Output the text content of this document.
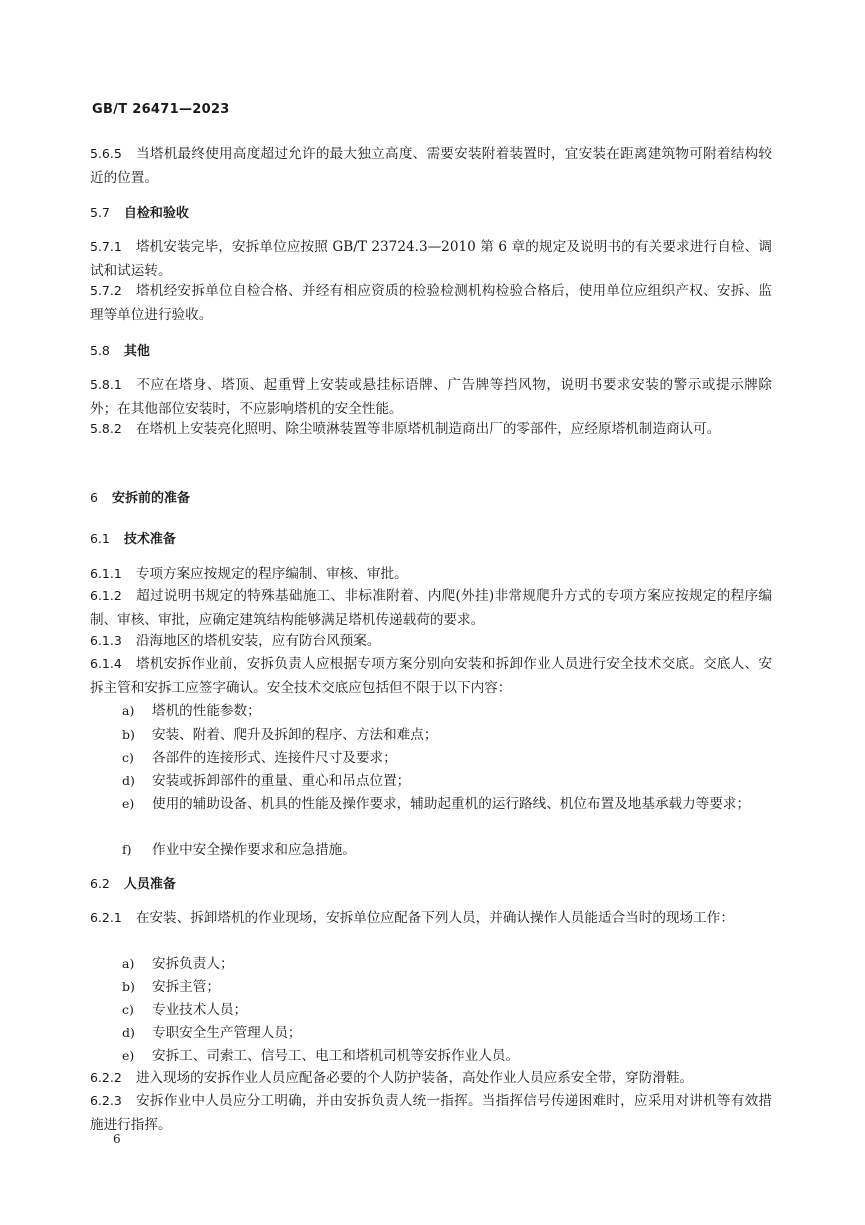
GB/T 26471—2023
5.6.5 当塔机最终使用高度超过允许的最大独立高度、需要安装附着装置时，宜安装在距离建筑物可附着结构较近的位置。
5.7 自检和验收
5.7.1 塔机安装完毕，安拆单位应按照 GB/T 23724.3—2010 第 6 章的规定及说明书的有关要求进行自检、调试和试运转。
5.7.2 塔机经安拆单位自检合格、并经有相应资质的检验检测机构检验合格后，使用单位应组织产权、安拆、监理等单位进行验收。
5.8 其他
5.8.1 不应在塔身、塔顶、起重臂上安装或悬挂标语牌、广告牌等挡风物，说明书要求安装的警示或提示牌除外；在其他部位安装时，不应影响塔机的安全性能。
5.8.2 在塔机上安装亮化照明、除尘喷淋装置等非原塔机制造商出厂的零部件，应经原塔机制造商认可。
6 安拆前的准备
6.1 技术准备
6.1.1 专项方案应按规定的程序编制、审核、审批。
6.1.2 超过说明书规定的特殊基础施工、非标准附着、内爬(外挂)非常规爬升方式的专项方案应按规定的程序编制、审核、审批，应确定建筑结构能够满足塔机传递载荷的要求。
6.1.3 沿海地区的塔机安装，应有防台风预案。
6.1.4 塔机安拆作业前，安拆负责人应根据专项方案分别向安装和拆卸作业人员进行安全技术交底。交底人、安拆主管和安拆工应签字确认。安全技术交底应包括但不限于以下内容：
a) 塔机的性能参数；
b) 安装、附着、爬升及拆卸的程序、方法和难点；
c) 各部件的连接形式、连接件尺寸及要求；
d) 安装或拆卸部件的重量、重心和吊点位置；
e) 使用的辅助设备、机具的性能及操作要求，辅助起重机的运行路线、机位布置及地基承载力等要求；
f) 作业中安全操作要求和应急措施。
6.2 人员准备
6.2.1 在安装、拆卸塔机的作业现场，安拆单位应配备下列人员，并确认操作人员能适合当时的现场工作：
a) 安拆负责人；
b) 安拆主管；
c) 专业技术人员；
d) 专职安全生产管理人员；
e) 安拆工、司索工、信号工、电工和塔机司机等安拆作业人员。
6.2.2 进入现场的安拆作业人员应配备必要的个人防护装备，高处作业人员应系安全带，穿防滑鞋。
6.2.3 安拆作业中人员应分工明确，并由安拆负责人统一指挥。当指挥信号传递困难时，应采用对讲机等有效措施进行指挥。
6
